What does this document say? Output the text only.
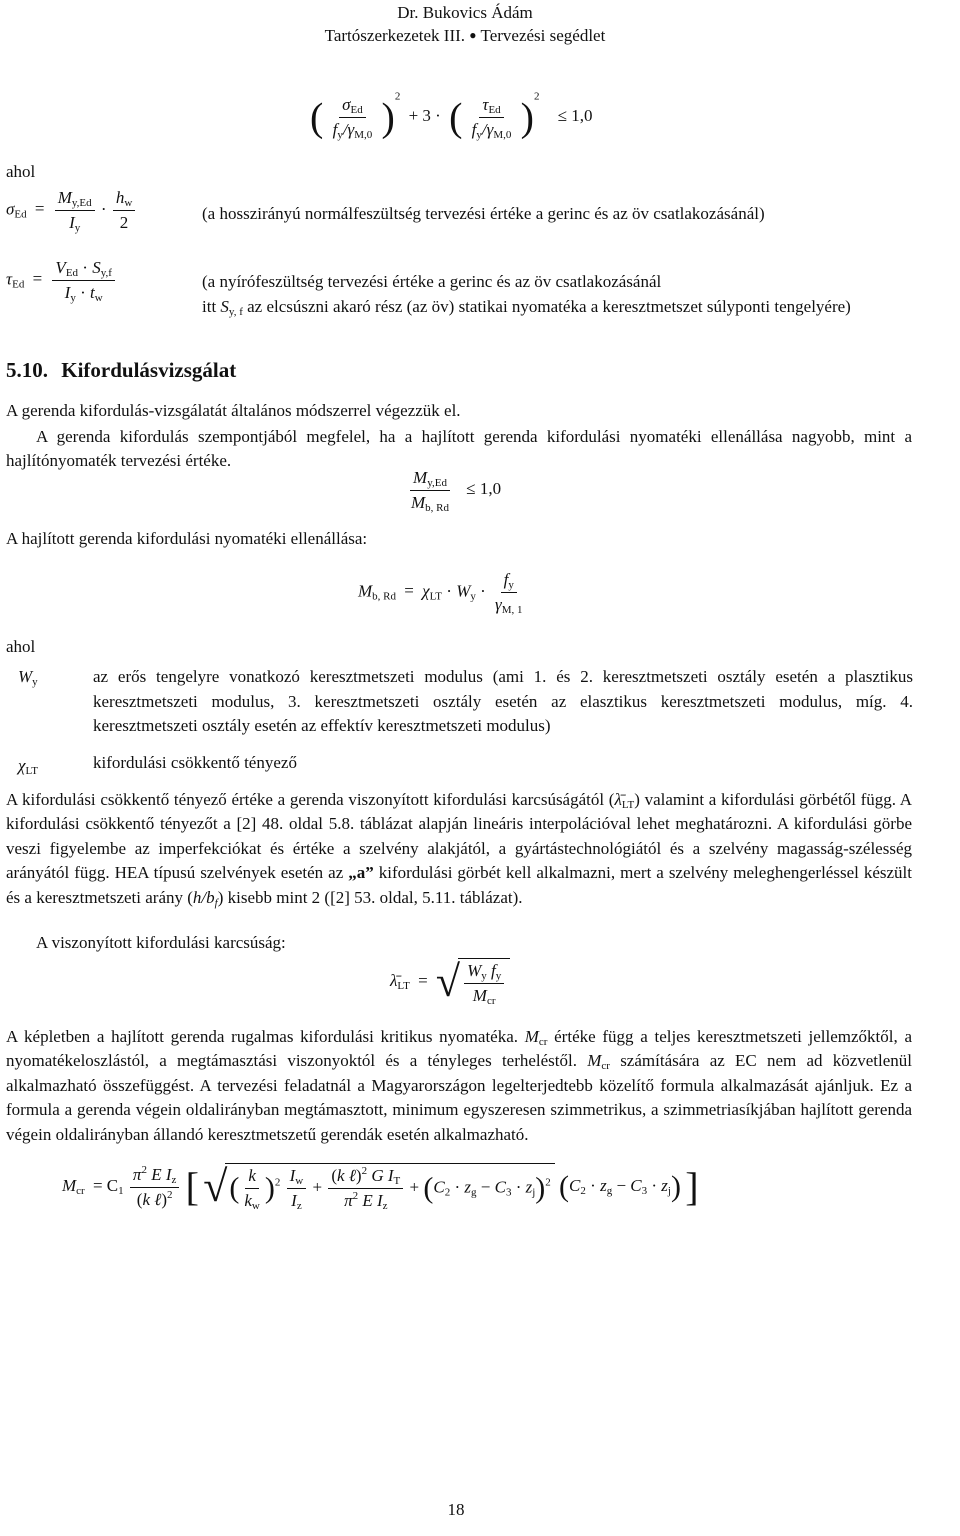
Dr. Bukovics Ádám
Tartószerkezetek III. ● Tervezési segédlet
( $\frac{\sigma_{Ed}}{f_y/\gamma_{M,0}} )^2 + 3$ · ( $\frac{\tau_{Ed}}{f_y/\gamma_{M,0}} )^2 \le 1,0$
ahol
$\sigma_{Ed} = \frac{M_{y,Ed}}{I_y} \cdot \frac{h_w}{2}$	(a hosszirányú normálfeszültség tervezési értéke a gerinc és az öv csatlakozásánál)
$\tau_{Ed} = \frac{V_{Ed} \cdot S_{y,f}}{I_y \cdot t_w}$	(a nyírófeszültség tervezési értéke a gerinc és az öv csatlakozásánál
itt $S_{y, f}$ az elcsúszni akaró rész (az öv) statikai nyomatéka a keresztmetszet súlyponti tengelyére)
5.10. Kifordulásvizsgálat
A gerenda kifordulás-vizsgálatát általános módszerrel végezzük el.
A gerenda kifordulás szempontjából megfelel, ha a hajlított gerenda kifordulási nyomatéki ellenállása nagyobb, mint a hajlítónyomaték tervezési értéke.
$\frac{M_{y,Ed}}{M_{b, Rd}} \le 1,0$
A hajlított gerenda kifordulási nyomatéki ellenállása:
$M_{b, Rd} = \chi_{LT} \cdot W_y \cdot \frac{f_y}{\gamma_{M, 1}}$
ahol
$W_y$	az erős tengelyre vonatkozó keresztmetszeti modulus (ami 1. és 2. keresztmetszeti osztály esetén a plasztikus keresztmetszeti modulus, 3. keresztmetszeti osztály esetén az elasztikus keresztmetszeti modulus, míg. 4. keresztmetszeti osztály esetén az effektív keresztmetszeti modulus)
$\chi_{LT}$	kifordulási csökkentő tényező
A kifordulási csökkentő tényező értéke a gerenda viszonyított kifordulási karcsúságától $(\lambdā_{LT})$ valamint a kifordulási görbétől függ. A kifordulási csökkentő tényezőt a [2] 48. oldal 5.8. táblázat alapján lineáris interpolációval lehet meghatározni. A kifordulási görbe veszi figyelembe az imperfekciókat és értéke a szelvény alakjától, a gyártástechnológiától és a szelvény magasság-szélesség arányától függ. HEA típusú szelvények esetén az „a” kifordulási görbét kell alkalmazni, mert a szelvény meleghengerléssel készült és a keresztmetszeti arány $(h/b_f)$ kisebb mint 2 ([2] 53. oldal, 5.11. táblázat).
A viszonyított kifordulási karcsúság:
$\lambdā_{LT}$ = √ $\frac{W_y f_y}{M_{cr}}$
A képletben a hajlított gerenda rugalmas kifordulási kritikus nyomatéka. $M_{cr}$ értéke függ a teljes keresztmetszeti jellemzőktől, a nyomatékeloszlástól, a megtámasztási viszonyoktól és a tényleges terheléstől. $M_{cr}$ számítására az EC nem ad közvetlenül alkalmazható összefüggést. A tervezési feladatnál a Magyarországon legelterjedtebb közelítő formula alkalmazását ajánljuk. Ez a formula a gerenda végein oldalirányban megtámasztott, minimum egyszeresen szimmetrikus, a szimmetriasíkjában hajlított gerenda végein oldalirányban állandó keresztmetszetű gerendák esetén alkalmazható.
$M_{cr} = C_1 \frac{\pi^2 E I_z}{(k \ell)^2}$ [ √ ( $\frac{k}{k_w} )^2 \frac{I_w}{I_z} + \frac{(k \ell)^2 G I_T}{\pi^2 E I_z} + (C_2 \cdot z_g - C_3 \cdot z_j)^2$ $(C_2 \cdot z_g - C_3 \cdot z_j)$ ]
18
